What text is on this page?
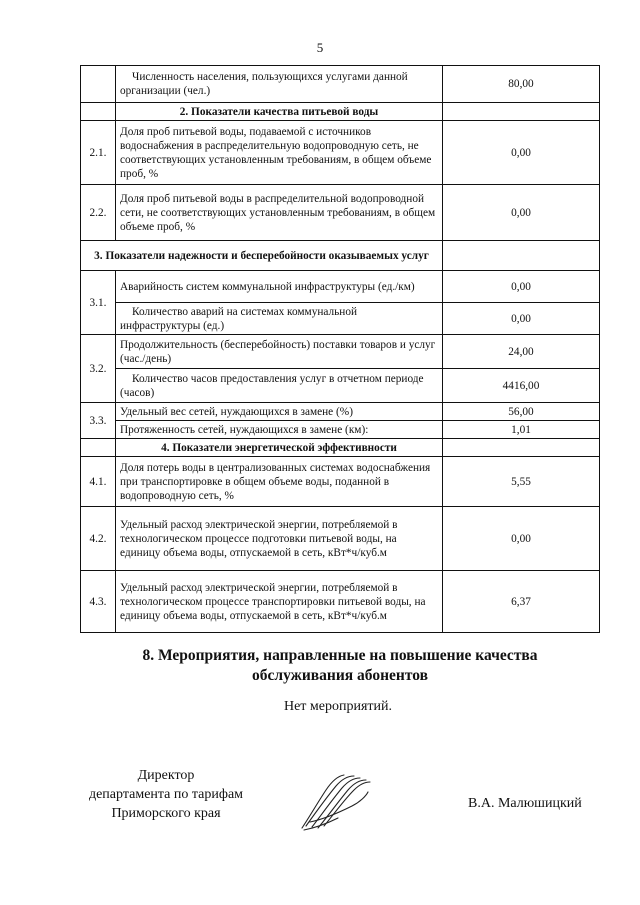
5

	Численность населения, пользующихся услугами данной организации (чел.)	80,00
	2. Показатели качества питьевой воды	
2.1.	Доля проб питьевой воды, подаваемой с источников водоснабжения в распределительную водопроводную сеть, не соответствующих установленным требованиям, в общем объеме проб, %	0,00
2.2.	Доля проб питьевой воды в распределительной водопроводной сети, не соответствующих установленным требованиям, в общем объеме проб, %	0,00
3. Показатели надежности и бесперебойности оказываемых услуг		
3.1.	Аварийность систем коммунальной инфраструктуры (ед./км)	0,00

	Количество аварий на системах коммунальной инфраструктуры (ед.)	0,00
3.2.	Продолжительность (бесперебойность) поставки товаров и услуг (час./день)	24,00

	Количество часов предоставления услуг в отчетном периоде (часов)	4416,00
3.3.	Удельный вес сетей, нуждающихся в замене (%)	56,00
	Протяженность сетей, нуждающихся в замене (км):	1,01
	4. Показатели энергетической эффективности	
4.1.	Доля потерь воды в централизованных системах водоснабжения при транспортировке в общем объеме воды, поданной в водопроводную сеть, %	5,55
4.2.	Удельный расход электрической энергии, потребляемой в технологическом процессе подготовки питьевой воды, на единицу объема воды, отпускаемой в сеть, кВт*ч/куб.м	0,00
4.3.	Удельный расход электрической энергии, потребляемой в технологическом процессе транспортировки питьевой воды, на единицу объема воды, отпускаемой в сеть, кВт*ч/куб.м	6,37
8. Мероприятия, направленные на повышение качества
обслуживания абонентов
Нет мероприятий.
Директор
департамента по тарифам
Приморского края
В.А. Малюшицкий
